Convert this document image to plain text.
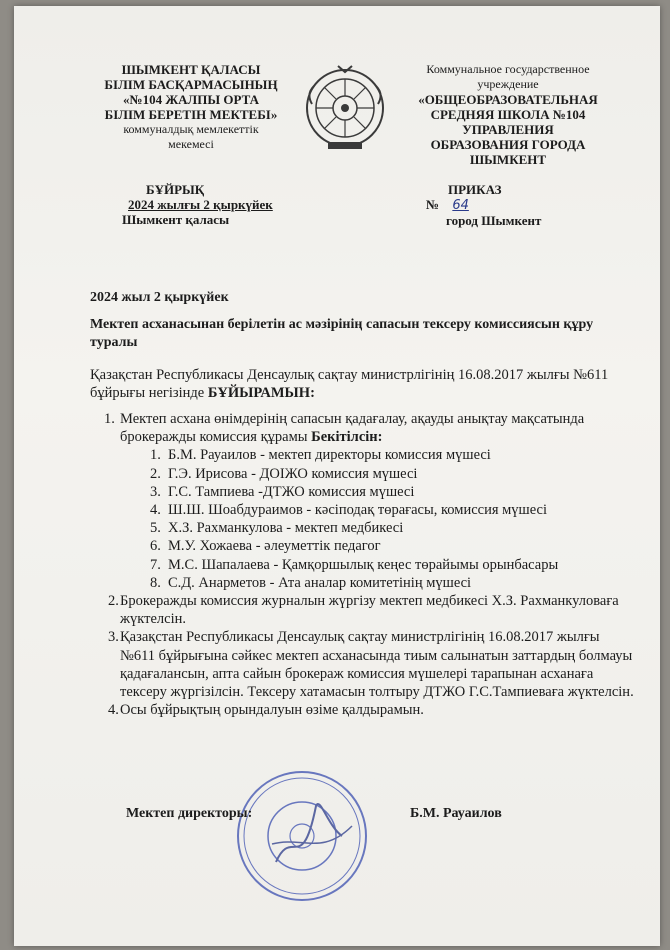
ШЫМКЕНТ ҚАЛАСЫ
БІЛІМ БАСҚАРМАСЫНЫҢ
«№104 ЖАЛПЫ ОРТА
БІЛІМ БЕРЕТІН МЕКТЕБІ»
коммуналдық мемлекеттік
мекемесі
Коммунальное государственное
учреждение
«ОБЩЕОБРАЗОВАТЕЛЬНАЯ
СРЕДНЯЯ ШКОЛА №104
УПРАВЛЕНИЯ
ОБРАЗОВАНИЯ ГОРОДА
ШЫМКЕНТ
БҰЙРЫҚ
2024 жылғы 2 қыркүйек
Шымкент қаласы
ПРИКАЗ
№ 64
город Шымкент
2024 жыл 2 қыркүйек
Мектеп асханасынан берілетін ас мәзірінің сапасын тексеру комиссиясын құру туралы
Қазақстан Республикасы Денсаулық сақтау министрлігінің 16.08.2017 жылғы №611 бұйрығы негізінде БҰЙЫРАМЫН:
1. Мектеп асхана өнімдерінің сапасын қадағалау, ақауды анықтау мақсатында брокеражды комиссия құрамы Бекітілсін:
1. Б.М. Рауаилов - мектеп директоры комиссия мүшесі
2. Г.Э. Ирисова - ДОІЖО комиссия мүшесі
3. Г.С. Тампиева -ДТЖО комиссия мүшесі
4. Ш.Ш. Шоабдураимов - кәсіподақ төрағасы, комиссия мүшесі
5. Х.З. Рахманкулова - мектеп медбикесі
6. М.У. Хожаева - әлеуметтік педагог
7. М.С. Шапалаева - Қамқоршылық кеңес төрайымы орынбасары
8. С.Д. Анарметов - Ата аналар комитетінің мүшесі
2. Брокеражды комиссия журналын жүргізу мектеп медбикесі Х.З. Рахманкуловаға жүктелсін.
3. Қазақстан Республикасы Денсаулық сақтау министрлігінің 16.08.2017 жылғы №611 бұйрығына сәйкес мектеп асханасында тиым салынатын заттардың болмауы қадағалансын, апта сайын брокераж комиссия мүшелері тарапынан асханаға тексеру жүргізілсін. Тексеру хатамасын толтыру ДТЖО Г.С.Тампиеваға жүктелсін.
4. Осы бұйрықтың орындалуын өзіме қалдырамын.
Мектеп директоры:	Б.М. Рауаилов
